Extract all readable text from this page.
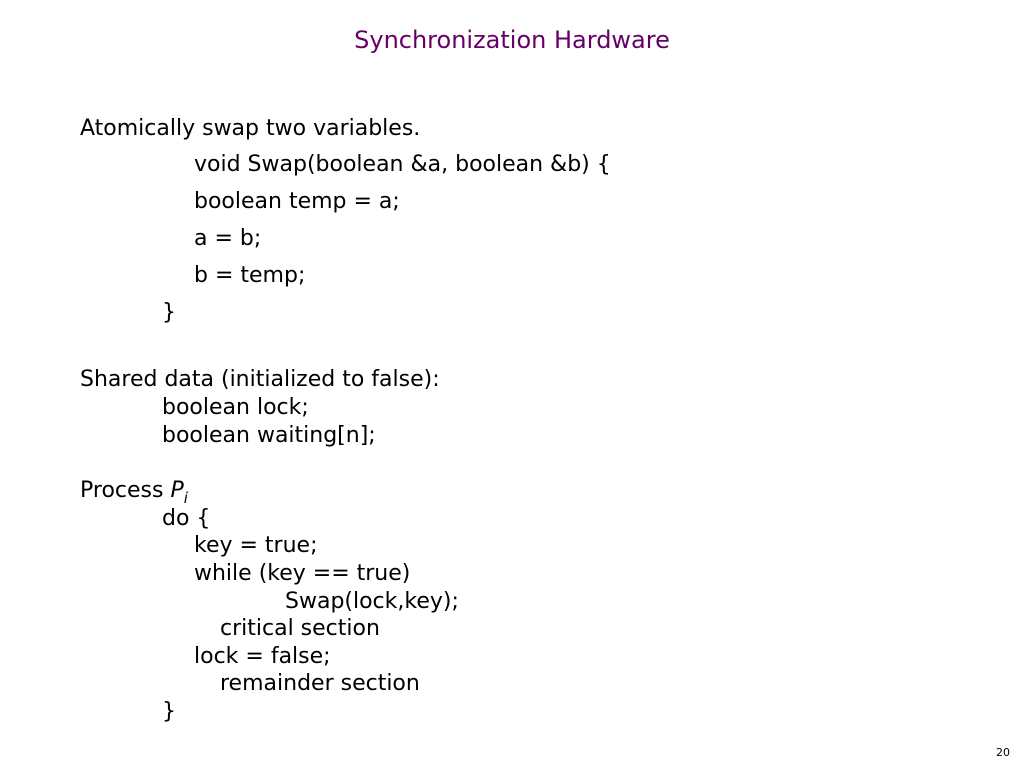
Synchronization Hardware
Atomically swap two variables.
void Swap(boolean &a, boolean &b) {
boolean temp = a;
a = b;
b = temp;
}
Shared data (initialized to false):
boolean lock;
boolean waiting[n];
Process $P_i$
do {
key = true;
while (key == true)
Swap(lock,key);
critical section
lock = false;
remainder section
}
20
